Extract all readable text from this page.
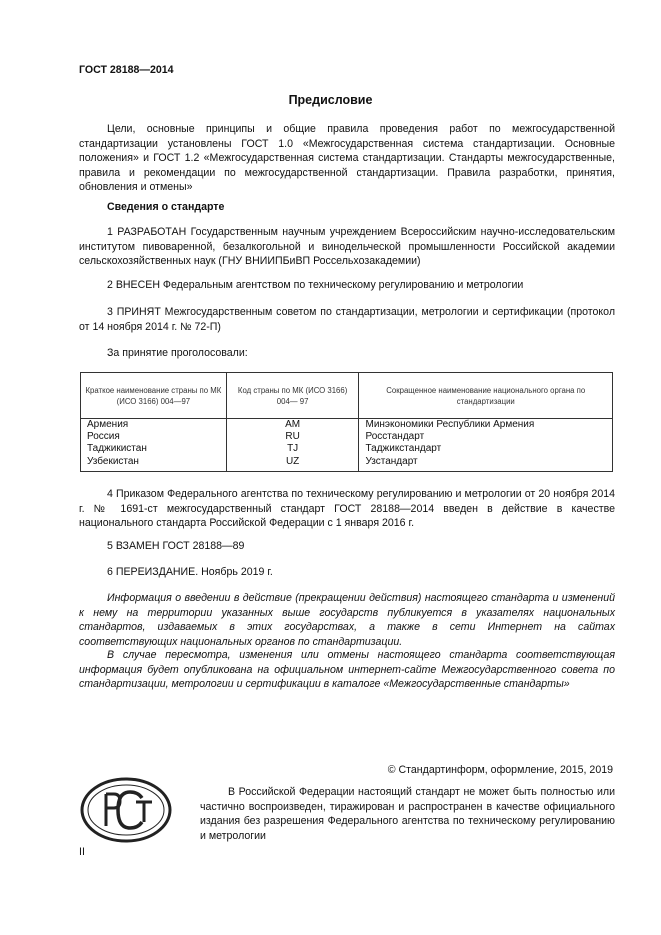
ГОСТ 28188—2014
Предисловие
Цели, основные принципы и общие правила проведения работ по межгосударственной стандартизации установлены ГОСТ 1.0 «Межгосударственная система стандартизации. Основные положения» и ГОСТ 1.2 «Межгосударственная система стандартизации. Стандарты межгосударственные, правила и рекомендации по межгосударственной стандартизации. Правила разработки, принятия, обновления и отмены»
Сведения о стандарте
1 РАЗРАБОТАН Государственным научным учреждением Всероссийским научно-исследовательским институтом пивоваренной, безалкогольной и винодельческой промышленности Российской академии сельскохозяйственных наук (ГНУ ВНИИПБиВП Россельхозакадемии)
2 ВНЕСЕН Федеральным агентством по техническому регулированию и метрологии
3 ПРИНЯТ Межгосударственным советом по стандартизации, метрологии и сертификации (протокол от 14 ноября 2014 г. № 72-П)
За принятие проголосовали:
Краткое наименование страны по МК (ИСО 3166) 004—97	Код страны по МК (ИСО 3166) 004— 97	Сокращенное наименование национального органа по стандартизации
Армения	AM	Минэкономики Республики Армения
Россия	RU	Росстандарт
Таджикистан	TJ	Таджикстандарт
Узбекистан	UZ	Узстандарт
4 Приказом Федерального агентства по техническому регулированию и метрологии от 20 ноября 2014 г. № 1691-ст межгосударственный стандарт ГОСТ 28188—2014 введен в действие в качестве национального стандарта Российской Федерации с 1 января 2016 г.
5 ВЗАМЕН ГОСТ 28188—89
6 ПЕРЕИЗДАНИЕ. Ноябрь 2019 г.
Информация о введении в действие (прекращении действия) настоящего стандарта и изменений к нему на территории указанных выше государств публикуется в указателях национальных стандартов, издаваемых в этих государствах, а также в сети Интернет на сайтах соответствующих национальных органов по стандартизации.
В случае пересмотра, изменения или отмены настоящего стандарта соответствующая информация будет опубликована на официальном интернет-сайте Межгосударственного совета по стандартизации, метрологии и сертификации в каталоге «Межгосударственные стандарты»
© Стандартинформ, оформление, 2015, 2019
В Российской Федерации настоящий стандарт не может быть полностью или частично воспроизведен, тиражирован и распространен в качестве официального издания без разрешения Федерального агентства по техническому регулированию и метрологии
II
